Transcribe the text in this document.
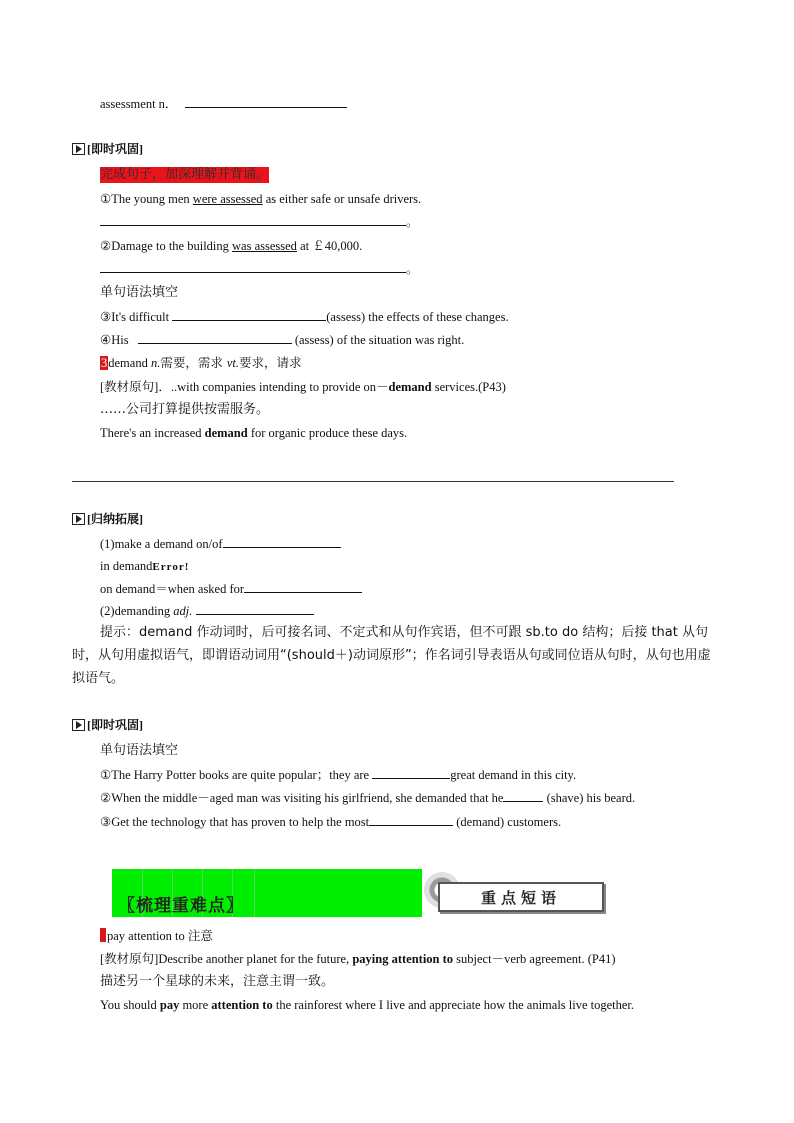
assessment n．
[即时巩固]
完成句子，加深理解并背诵。
①The young men were assessed as either safe or unsafe drivers.
。
②Damage to the building was assessed at ￡40,000.
。
单句语法填空
③It's difficult	(assess) the effects of these changes.
④His	(assess) of the situation was right.
3demand n.需要，需求 vt.要求，请求
[教材原句]．..with companies intending to provide on－demand services.(P43)
……公司打算提供按需服务。
There's an increased demand for organic produce these days.
[归纳拓展]
(1)make a demand on/of
in demandError!
on demand＝when asked for
(2)demanding adj.
提示：demand 作动词时，后可接名词、不定式和从句作宾语，但不可跟 sb.to do 结构；后接 that 从句时，从句用虚拟语气，即谓语动词用“(should＋)动词原形”；作名词引导表语从句或同位语从句时，从句也用虚拟语气。
[即时巩固]
单句语法填空
①The Harry Potter books are quite popular；they are	great demand in this city.
②When the middle－aged man was visiting his girlfriend, she demanded that he	(shave) his beard.
③Get the technology that has proven to help the most	(demand) customers.
〖梳理重难点〗	重点短语
pay attention to 注意
[教材原句]Describe another planet for the future, paying attention to subject－verb agreement. (P41)
描述另一个星球的未来，注意主谓一致。
You should pay more attention to the rainforest where I live and appreciate how the animals live together.
